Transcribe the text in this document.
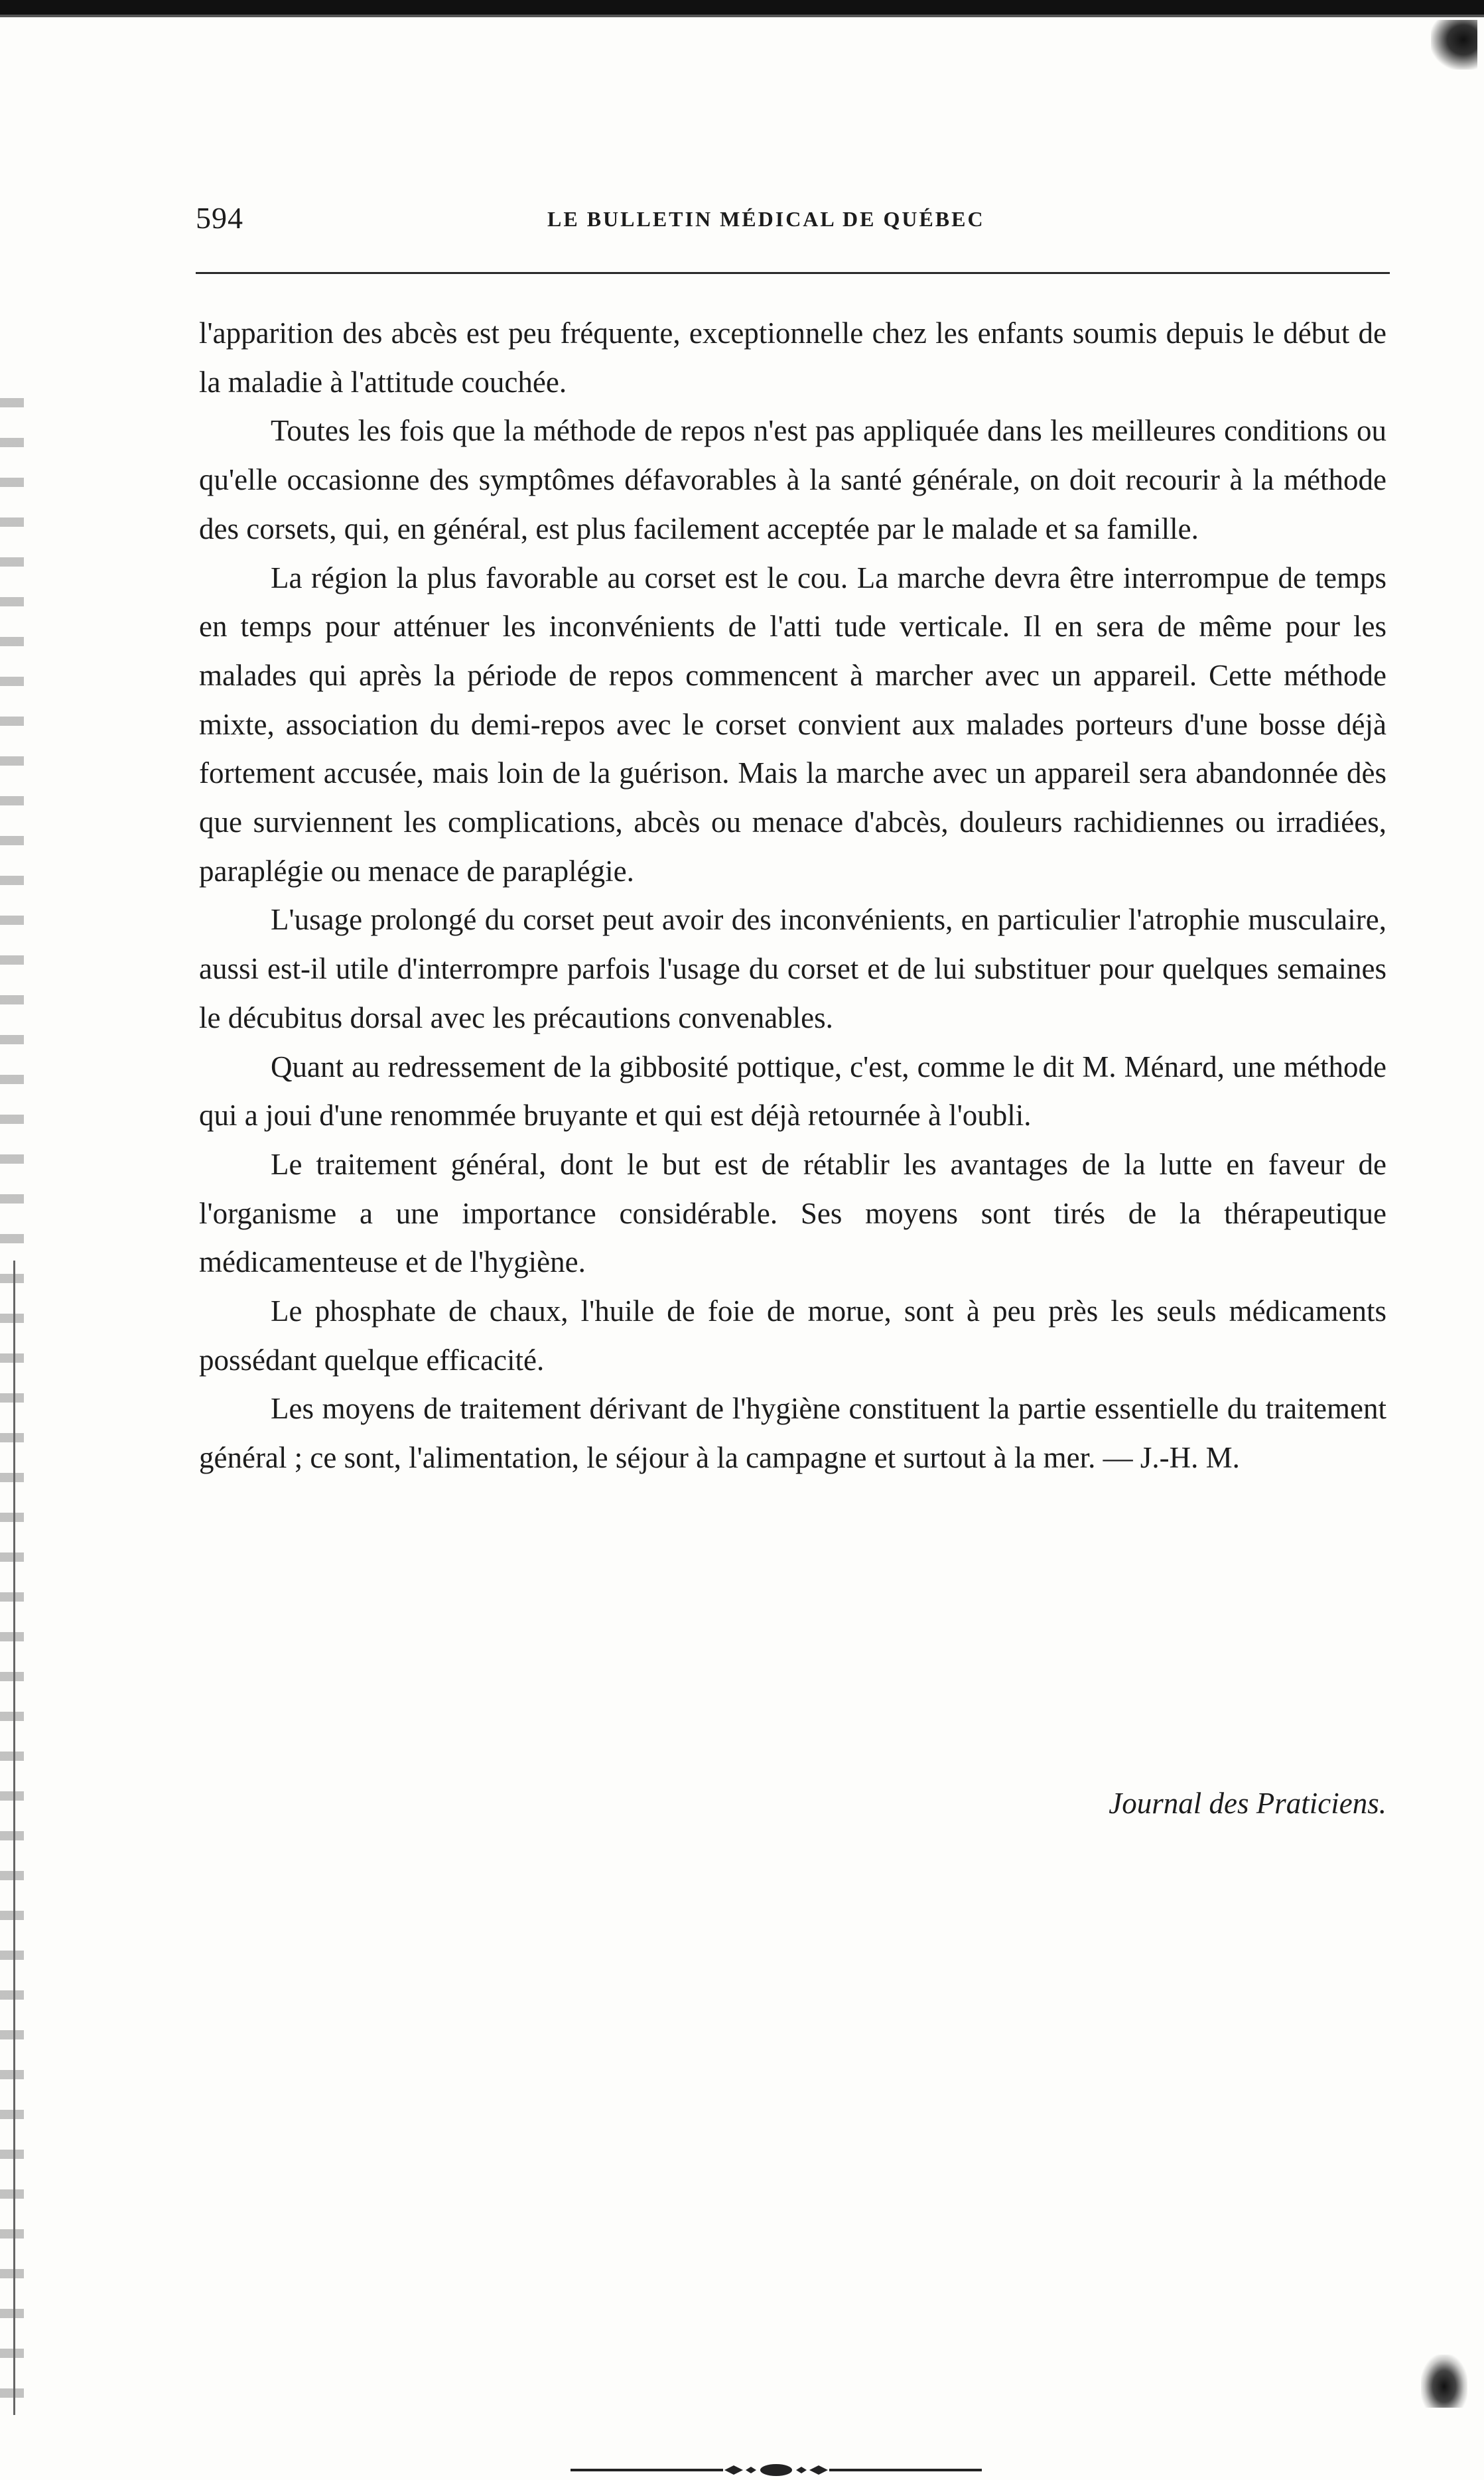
594	LE BULLETIN MÉDICAL DE QUÉBEC

l'apparition des abcès est peu fréquente, exceptionnelle chez les enfants soumis depuis le début de la maladie à l'attitude couchée.

Toutes les fois que la méthode de repos n'est pas appliquée dans les meilleures conditions ou qu'elle occasionne des symptômes défavorables à la santé générale, on doit recourir à la méthode des corsets, qui, en général, est plus facilement acceptée par le malade et sa famille.

La région la plus favorable au corset est le cou. La marche devra être interrompue de temps en temps pour atténuer les inconvénients de l'atti tude verticale. Il en sera de même pour les malades qui après la période de repos commencent à marcher avec un appareil. Cette méthode mixte, association du demi-repos avec le corset convient aux malades porteurs d'une bosse déjà fortement accusée, mais loin de la guérison. Mais la marche avec un appareil sera abandonnée dès que surviennent les complications, abcès ou menace d'abcès, douleurs rachidiennes ou irradiées, paraplégie ou menace de paraplégie.

L'usage prolongé du corset peut avoir des inconvénients, en particulier l'atrophie musculaire, aussi est-il utile d'interrompre parfois l'usage du corset et de lui substituer pour quelques semaines le décubitus dorsal avec les précautions convenables.

Quant au redressement de la gibbosité pottique, c'est, comme le dit M. Ménard, une méthode qui a joui d'une renommée bruyante et qui est déjà retournée à l'oubli.

Le traitement général, dont le but est de rétablir les avantages de la lutte en faveur de l'organisme a une importance considérable. Ses moyens sont tirés de la thérapeutique médicamenteuse et de l'hygiène.

Le phosphate de chaux, l'huile de foie de morue, sont à peu près les seuls médicaments possédant quelque efficacité.

Les moyens de traitement dérivant de l'hygiène constituent la partie essentielle du traitement général ; ce sont, l'alimentation, le séjour à la campagne et surtout à la mer. — J.-H. M.

Journal des Praticiens.
